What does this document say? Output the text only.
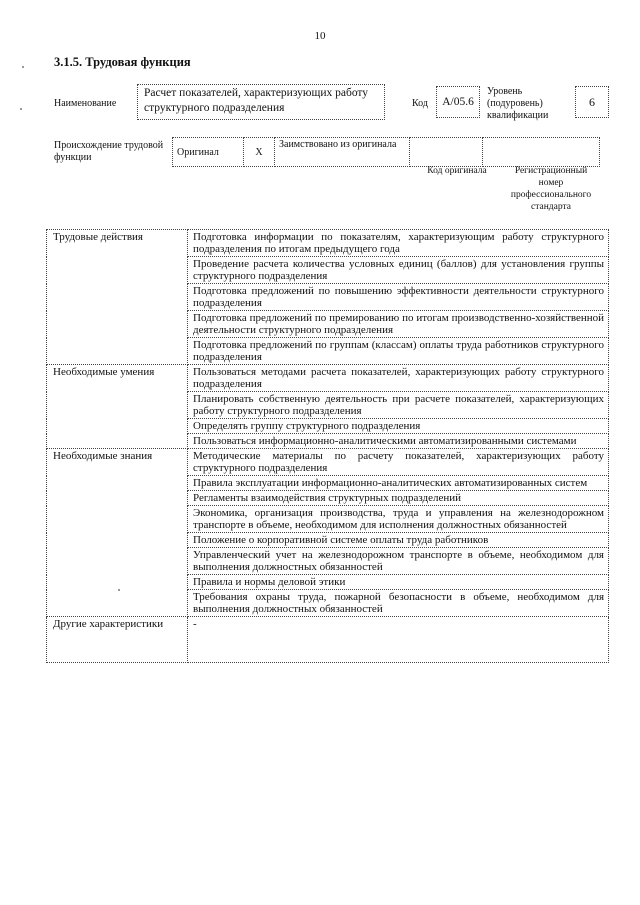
10
3.1.5. Трудовая функция
Наименование
Расчет показателей, характеризующих работу структурного подразделения	Код	А/05.6
Уровень (подуровень) квалификации
6
Происхождение трудовой функции	Оригинал	X	Заимствовано из оригинала		
Код оригинала	Регистрационный номер профессионального стандарта
Трудовые действия	Подготовка информации по показателям, характеризующим работу структурного подразделения по итогам предыдущего года
	Проведение расчета количества условных единиц (баллов) для установления группы структурного подразделения
	Подготовка предложений по повышению эффективности деятельности структурного подразделения
	Подготовка предложений по премированию по итогам производственно-хозяйственной деятельности структурного подразделения
	Подготовка предложений по группам (классам) оплаты труда работников структурного подразделения
Необходимые умения	Пользоваться методами расчета показателей, характеризующих работу структурного подразделения
	Планировать собственную деятельность при расчете показателей, характеризующих работу структурного подразделения
	Определять группу структурного подразделения
	Пользоваться информационно-аналитическими автоматизированными системами
Необходимые знания	Методические материалы по расчету показателей, характеризующих работу структурного подразделения
	Правила эксплуатации информационно-аналитических автоматизированных систем
	Регламенты взаимодействия структурных подразделений
	Экономика, организация производства, труда и управления на железнодорожном транспорте в объеме, необходимом для исполнения должностных обязанностей
	Положение о корпоративной системе оплаты труда работников
	Управленческий учет на железнодорожном транспорте в объеме, необходимом для выполнения должностных обязанностей
	Правила и нормы деловой этики
	Требования охраны труда, пожарной безопасности в объеме, необходимом для выполнения должностных обязанностей
Другие характеристики	-
